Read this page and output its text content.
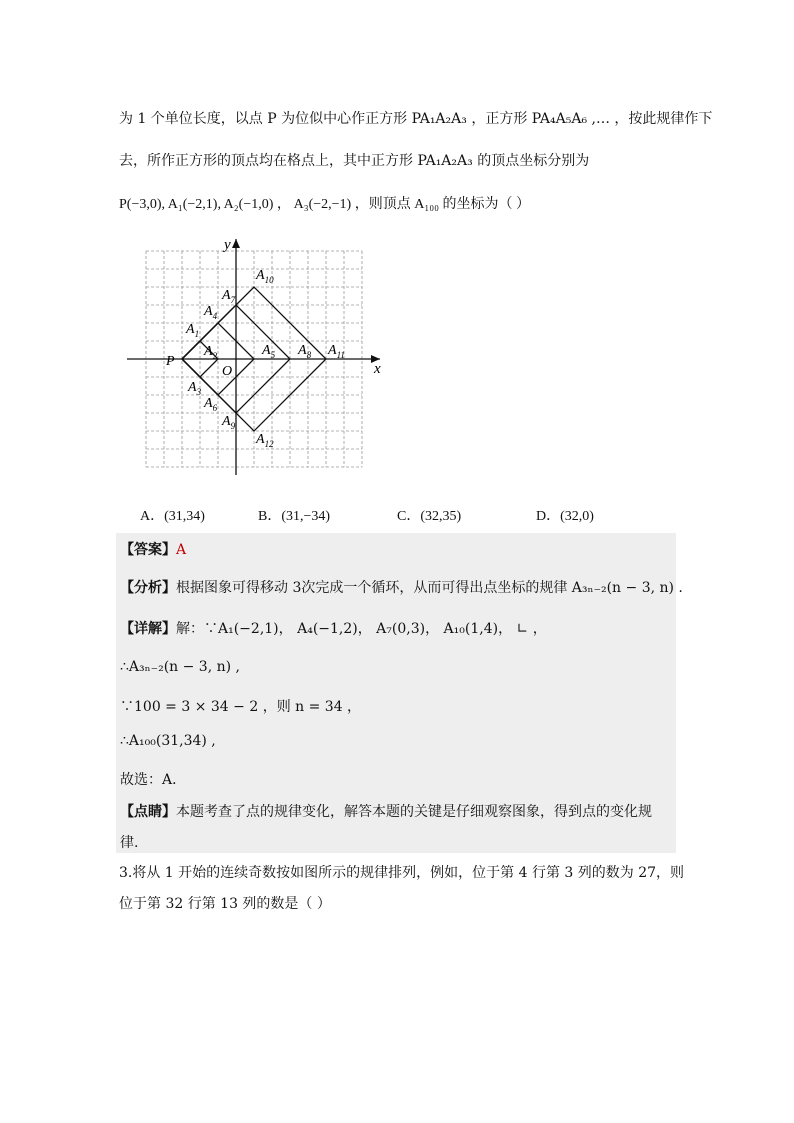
为 1 个单位长度，以点 P 为位似中心作正方形 PA₁A₂A₃ ，正方形 PA₄A₅A₆ ,… ，按此规律作下
去，所作正方形的顶点均在格点上，其中正方形 PA₁A₂A₃ 的顶点坐标分别为
P(−3,0), A₁(−2,1), A₂(−1,0) ， A₃(−2,−1) ，则顶点 A₁₀₀ 的坐标为（ ）
x
y
O
P
$A_1$
$A_2$
$A_3$
$A_4$
$A_5$
$A_6$
$A_7$
$A_8$
$A_9$
$A_{10}$
$A_{11}$
$A_{12}$
A．(31,34)	B．(31,−34)	C．(32,35)	D．(32,0)
【答案】A
【分析】根据图象可得移动 3次完成一个循环，从而可得出点坐标的规律 A₃ₙ₋₂(n − 3, n) .
【详解】解：∵A₁(−2,1)， A₄(−1,2)， A₇(0,3)， A₁₀(1,4)， ∟ ，
∴A₃ₙ₋₂(n − 3, n) ,
∵100 = 3 × 34 − 2 ，则 n = 34 ，
∴A₁₀₀(31,34) ,
故选：A．
【点睛】本题考查了点的规律变化，解答本题的关键是仔细观察图象，得到点的变化规
律.
3.将从 1 开始的连续奇数按如图所示的规律排列，例如，位于第 4 行第 3 列的数为 27，则
位于第 32 行第 13 列的数是（ ）
